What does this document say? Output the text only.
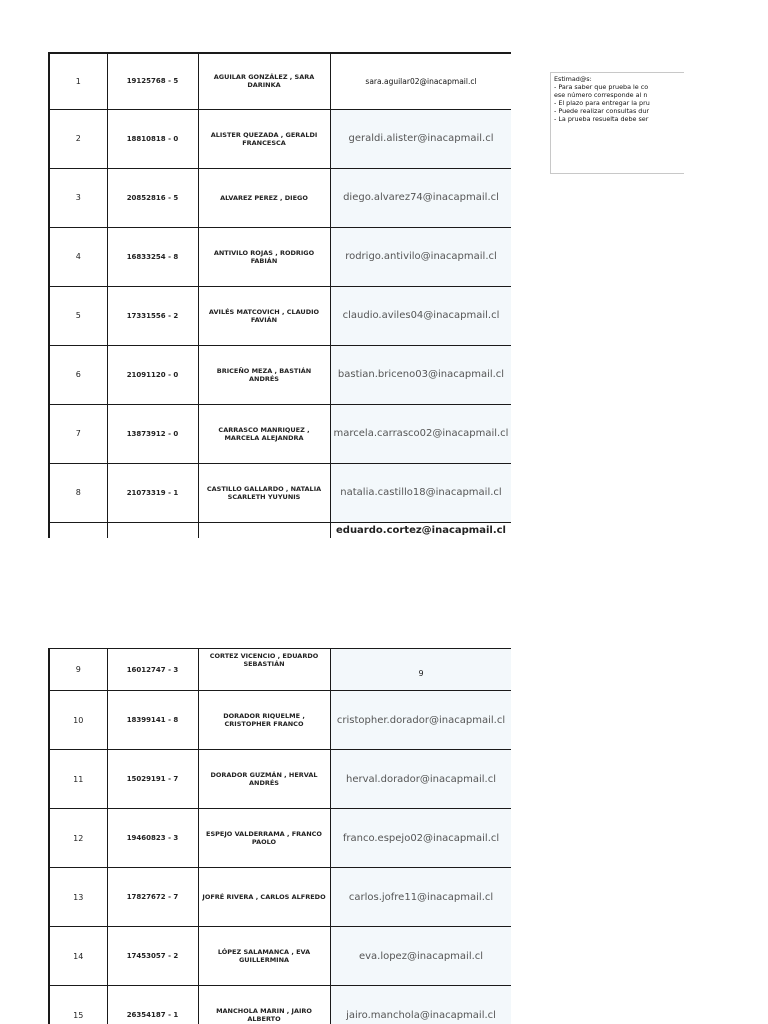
1	19125768 - 5	AGUILAR GONZÁLEZ , SARA DARINKA	sara.aguilar02@inacapmail.cl
2	18810818 - 0	ALISTER QUEZADA , GERALDI FRANCESCA	geraldi.alister@inacapmail.cl
3	20852816 - 5	ALVAREZ PEREZ , DIEGO	diego.alvarez74@inacapmail.cl
4	16833254 - 8	ANTIVILO ROJAS , RODRIGO FABIÁN	rodrigo.antivilo@inacapmail.cl
5	17331556 - 2	AVILÉS MATCOVICH , CLAUDIO FAVIÁN	claudio.aviles04@inacapmail.cl
6	21091120 - 0	BRICEÑO MEZA , BASTIÁN ANDRÉS	bastian.briceno03@inacapmail.cl
7	13873912 - 0	CARRASCO MANRIQUEZ , MARCELA ALEJANDRA	marcela.carrasco02@inacapmail.cl
8	21073319 - 1	CASTILLO GALLARDO , NATALIA SCARLETH YUYUNIS	natalia.castillo18@inacapmail.cl
			eduardo.cortez@inacapmail.cl
Estimad@s:
- Para saber que prueba le co
ese número corresponde al n
- El plazo para entregar la pru
- Puede realizar consultas dur
- La prueba resuelta debe ser
9	16012747 - 3	CORTEZ VICENCIO , EDUARDO SEBASTIÁN	9
10	18399141 - 8	DORADOR RIQUELME , CRISTOPHER FRANCO	cristopher.dorador@inacapmail.cl
11	15029191 - 7	DORADOR GUZMÁN , HERVAL ANDRÉS	herval.dorador@inacapmail.cl
12	19460823 - 3	ESPEJO VALDERRAMA , FRANCO PAOLO	franco.espejo02@inacapmail.cl
13	17827672 - 7	JOFRÉ RIVERA , CARLOS ALFREDO	carlos.jofre11@inacapmail.cl
14	17453057 - 2	LÓPEZ SALAMANCA , EVA GUILLERMINA	eva.lopez@inacapmail.cl
15	26354187 - 1	MANCHOLA MARIN , JAIRO ALBERTO	jairo.manchola@inacapmail.cl
